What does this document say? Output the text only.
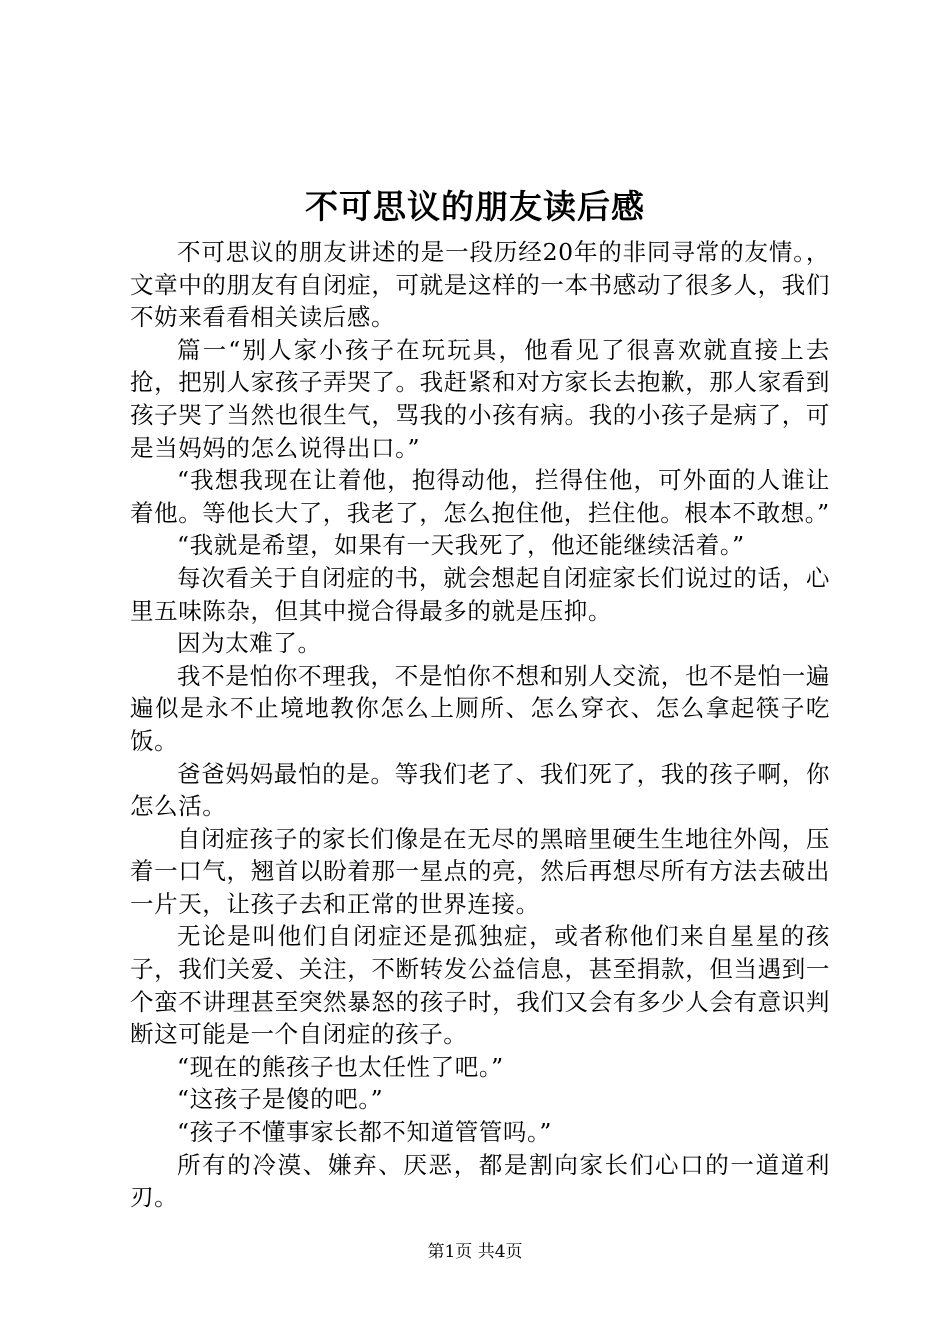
不可思议的朋友读后感

不可思议的朋友讲述的是一段历经20年的非同寻常的友情。，文章中的朋友有自闭症，可就是这样的一本书感动了很多人，我们不妨来看看相关读后感。

篇一“别人家小孩子在玩玩具，他看见了很喜欢就直接上去抢，把别人家孩子弄哭了。我赶紧和对方家长去抱歉，那人家看到孩子哭了当然也很生气，骂我的小孩有病。我的小孩子是病了，可是当妈妈的怎么说得出口。”

“我想我现在让着他，抱得动他，拦得住他，可外面的人谁让着他。等他长大了，我老了，怎么抱住他，拦住他。根本不敢想。”

“我就是希望，如果有一天我死了，他还能继续活着。”

每次看关于自闭症的书，就会想起自闭症家长们说过的话，心里五味陈杂，但其中搅合得最多的就是压抑。

因为太难了。

我不是怕你不理我，不是怕你不想和别人交流，也不是怕一遍遍似是永不止境地教你怎么上厕所、怎么穿衣、怎么拿起筷子吃饭。

爸爸妈妈最怕的是。等我们老了、我们死了，我的孩子啊，你怎么活。

自闭症孩子的家长们像是在无尽的黑暗里硬生生地往外闯，压着一口气，翘首以盼着那一星点的亮，然后再想尽所有方法去破出一片天，让孩子去和正常的世界连接。

无论是叫他们自闭症还是孤独症，或者称他们来自星星的孩子，我们关爱、关注，不断转发公益信息，甚至捐款，但当遇到一个蛮不讲理甚至突然暴怒的孩子时，我们又会有多少人会有意识判断这可能是一个自闭症的孩子。

“现在的熊孩子也太任性了吧。”

“这孩子是傻的吧。”

“孩子不懂事家长都不知道管管吗。”

所有的冷漠、嫌弃、厌恶，都是割向家长们心口的一道道利刃。

第1页 共4页
